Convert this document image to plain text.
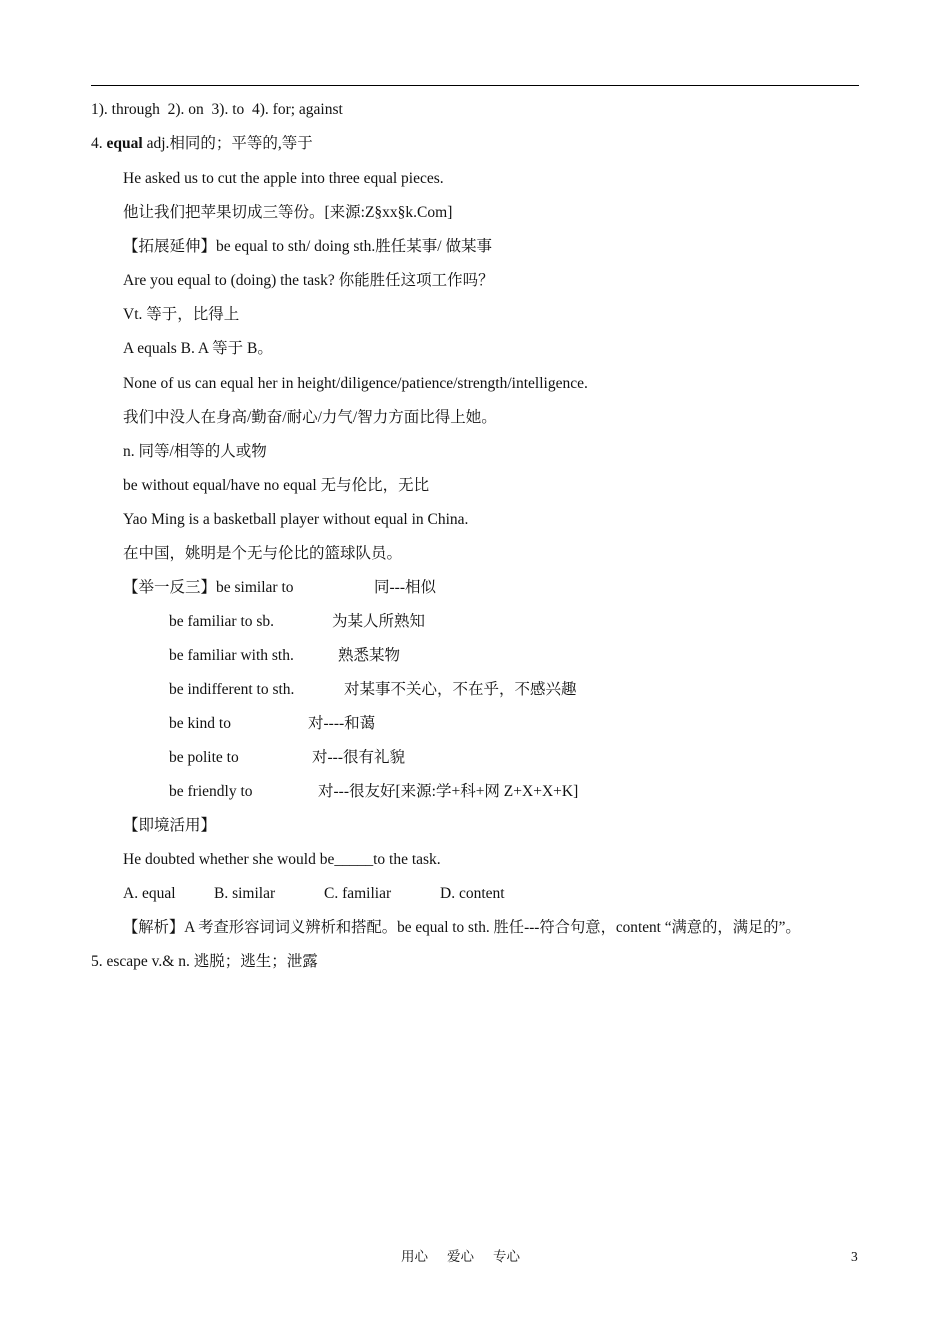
1). through  2). on  3). to  4). for; against
4. equal adj.相同的；平等的,等于
He asked us to cut the apple into three equal pieces.
他让我们把苹果切成三等份。[来源:Z§xx§k.Com]
【拓展延伸】be equal to sth/ doing sth.胜任某事/ 做某事
Are you equal to (doing) the task? 你能胜任这项工作吗？
Vt. 等于，比得上
A equals B. A 等于 B。
None of us can equal her in height/diligence/patience/strength/intelligence.
我们中没人在身高/勤奋/耐心/力气/智力方面比得上她。
n. 同等/相等的人或物
be without equal/have no equal 无与伦比，无比
Yao Ming is a basketball player without equal in China.
在中国，姚明是个无与伦比的篮球队员。
【举一反三】be similar to	同---相似
be familiar to sb.	为某人所熟知
be familiar with sth.	熟悉某物
be indifferent to sth.	对某事不关心，不在乎，不感兴趣
be kind to	对----和蔼
be polite to	对---很有礼貌
be friendly to	对---很友好[来源:学+科+网 Z+X+X+K]
【即境活用】
He doubted whether she would be_____to the task.
A. equal B. similar	C. familiar	D. content
【解析】A 考查形容词词义辨析和搭配。be equal to sth. 胜任---符合句意，content “满意的，满足的”。
5. escape v.& n. 逃脱；逃生；泄露
用心 爱心 专心	3
